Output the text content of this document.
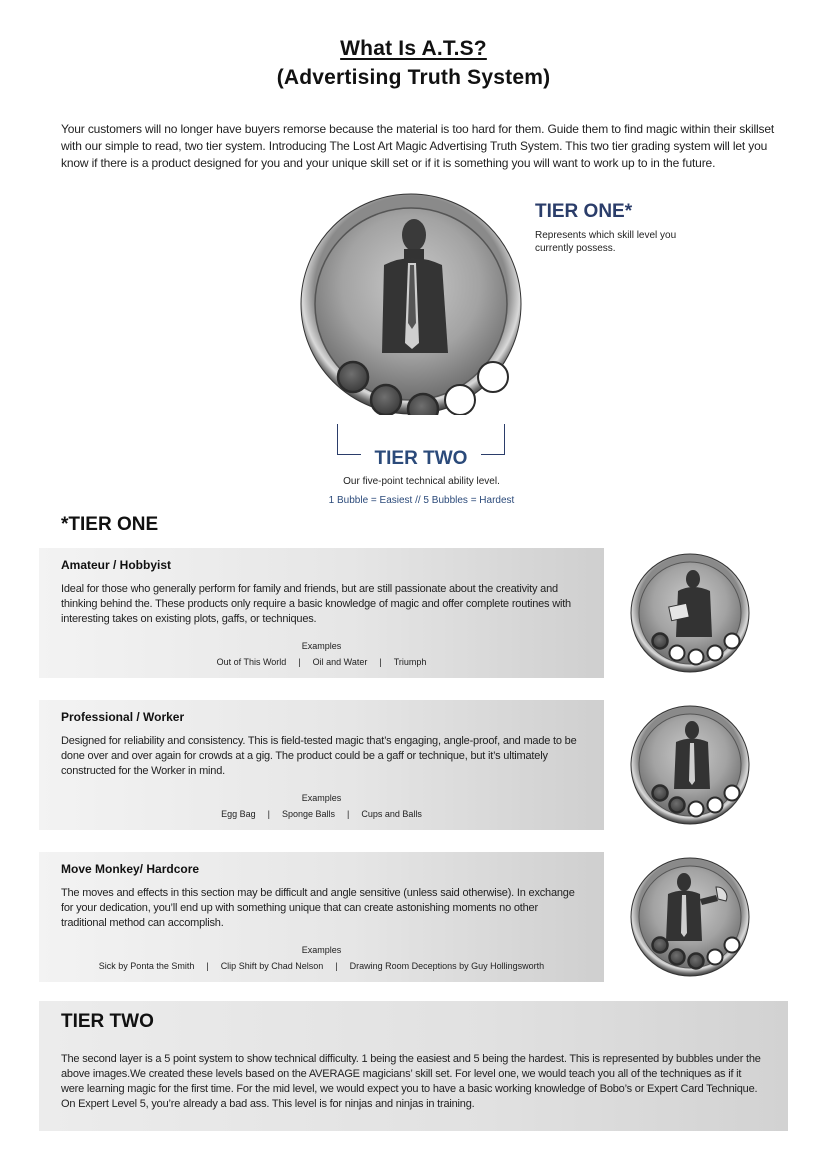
What Is A.T.S?
(Advertising Truth System)
Your customers will no longer have buyers remorse because the material is too hard for them. Guide them to find magic within their skillset with our simple to read, two tier system. Introducing The Lost Art Magic Advertising Truth System. This two tier grading system will let you know if there is a product designed for you and your unique skill set or if it is something you will want to work up to in the future.
TIER ONE*
Represents which skill level you currently possess.
TIER TWO
Our five-point technical ability level.
1 Bubble = Easiest // 5 Bubbles = Hardest
*TIER ONE
Amateur / Hobbyist
Ideal for those who generally perform for family and friends, but are still passionate about the creativity and thinking behind the. These products only require a basic knowledge of magic and offer complete routines with interesting takes on existing plots, gaffs, or techniques.
Examples
Out of This World | Oil and Water | Triumph
Professional / Worker
Designed for reliability and consistency. This is field-tested magic that’s engaging, angle-proof, and made to be done over and over again for crowds at a gig. The product could be a gaff or technique, but it’s ultimately constructed for the Worker in mind.
Examples
Egg Bag | Sponge Balls | Cups and Balls
Move Monkey/ Hardcore
The moves and effects in this section may be difficult and angle sensitive (unless said otherwise). In exchange for your dedication, you’ll end up with something unique that can create astonishing moments no other traditional method can accomplish.
Examples
Sick by Ponta the Smith | Clip Shift by Chad Nelson | Drawing Room Deceptions by Guy Hollingsworth
TIER TWO
The second layer is a 5 point system to show technical difficulty. 1 being the easiest and 5 being the hardest. This is represented by bubbles under the above images.We created these levels based on the AVERAGE magicians’ skill set. For level one, we would teach you all of the techniques as if it were learning magic for the first time. For the mid level, we would expect you to have a basic working knowledge of Bobo’s or Expert Card Technique. On Expert Level 5, you’re already a bad ass. This level is for ninjas and ninjas in training.
